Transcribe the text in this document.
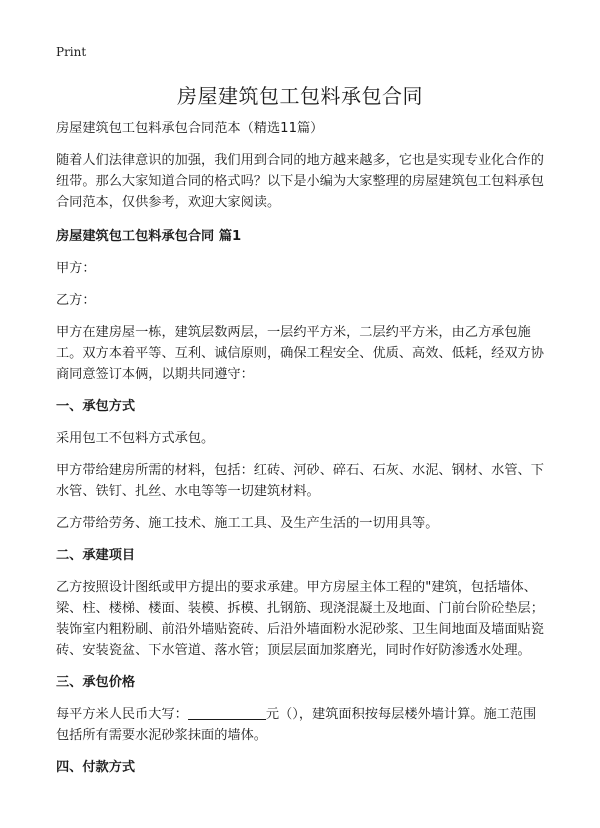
Print
房屋建筑包工包料承包合同

房屋建筑包工包料承包合同范本（精选11篇）

随着人们法律意识的加强，我们用到合同的地方越来越多，它也是实现专业化合作的纽带。那么大家知道合同的格式吗？以下是小编为大家整理的房屋建筑包工包料承包合同范本，仅供参考，欢迎大家阅读。

房屋建筑包工包料承包合同 篇1

甲方：

乙方：

甲方在建房屋一栋，建筑层数两层，一层约平方米，二层约平方米，由乙方承包施工。双方本着平等、互利、诚信原则，确保工程安全、优质、高效、低耗，经双方协商同意签订本俩，以期共同遵守：

一、承包方式

采用包工不包料方式承包。

甲方带给建房所需的材料，包括：红砖、河砂、碎石、石灰、水泥、钢材、水管、下水管、铁钉、扎丝、水电等等一切建筑材料。

乙方带给劳务、施工技术、施工工具、及生产生活的一切用具等。

二、承建项目

乙方按照设计图纸或甲方提出的要求承建。甲方房屋主体工程的"建筑，包括墙体、梁、柱、楼梯、楼面、装模、拆模、扎钢筋、现浇混凝土及地面、门前台阶砼垫层；装饰室内粗粉刷、前沿外墙贴瓷砖、后沿外墙面粉水泥砂浆、卫生间地面及墙面贴瓷砖、安装瓷盆、下水管道、落水管；顶层层面加浆磨光，同时作好防渗透水处理。

三、承包价格

每平方米人民币大写：	元（），建筑面积按每层楼外墙计算。施工范围包括所有需要水泥砂浆抹面的墙体。

四、付款方式
